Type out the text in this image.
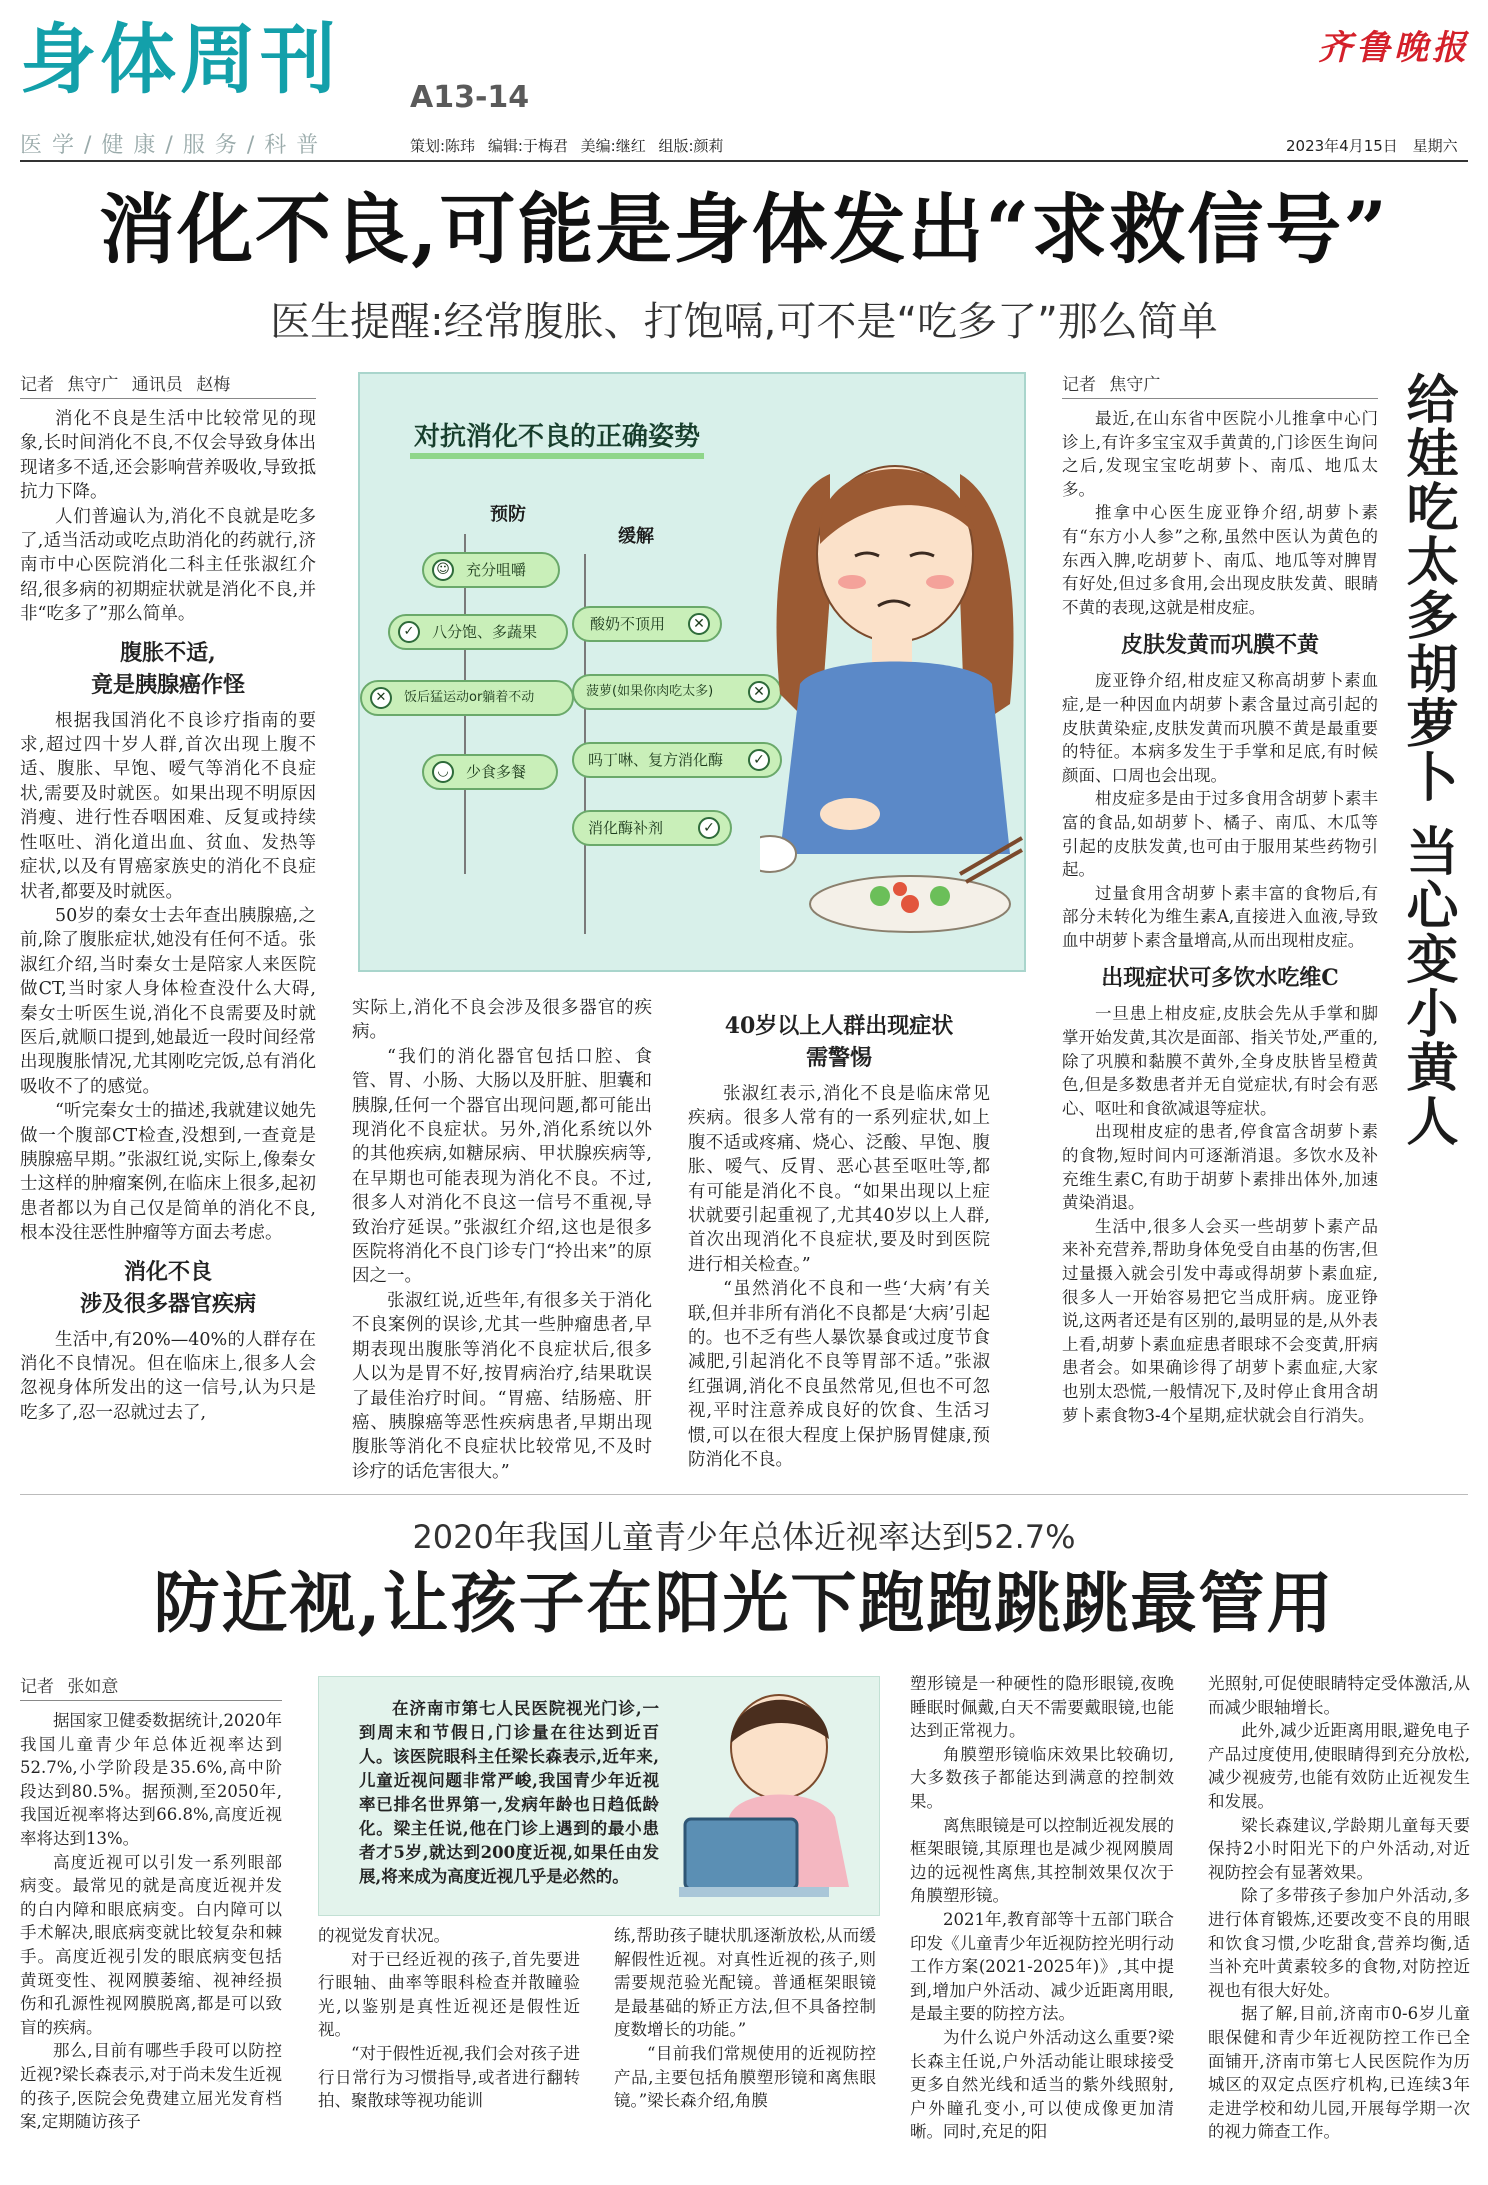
身体周刊 A13-14
齐鲁晚报
医学/健康/服务/科普	策划:陈玮 编辑:于梅君 美编:继红 组版:颜莉	2023年4月15日 星期六
消化不良,可能是身体发出“求救信号”
医生提醒:经常腹胀、打饱嗝,可不是“吃多了”那么简单
记者 焦守广 通讯员 赵梅

消化不良是生活中比较常见的现象,长时间消化不良,不仅会导致身体出现诸多不适,还会影响营养吸收,导致抵抗力下降。

人们普遍认为,消化不良就是吃多了,适当活动或吃点助消化的药就行,济南市中心医院消化二科主任张淑红介绍,很多病的初期症状就是消化不良,并非“吃多了”那么简单。

腹胀不适,
竟是胰腺癌作怪

根据我国消化不良诊疗指南的要求,超过四十岁人群,首次出现上腹不适、腹胀、早饱、嗳气等消化不良症状,需要及时就医。如果出现不明原因消瘦、进行性吞咽困难、反复或持续性呕吐、消化道出血、贫血、发热等症状,以及有胃癌家族史的消化不良症状者,都要及时就医。

50岁的秦女士去年查出胰腺癌,之前,除了腹胀症状,她没有任何不适。张淑红介绍,当时秦女士是陪家人来医院做CT,当时家人身体检查没什么大碍,秦女士听医生说,消化不良需要及时就医后,就顺口提到,她最近一段时间经常出现腹胀情况,尤其刚吃完饭,总有消化吸收不了的感觉。

“听完秦女士的描述,我就建议她先做一个腹部CT检查,没想到,一查竟是胰腺癌早期。”张淑红说,实际上,像秦女士这样的肿瘤案例,在临床上很多,起初患者都以为自己仅是简单的消化不良,根本没往恶性肿瘤等方面去考虑。

消化不良
涉及很多器官疾病

生活中,有20%—40%的人群存在消化不良情况。但在临床上,很多人会忽视身体所发出的这一信号,认为只是吃多了,忍一忍就过去了,

对抗消化不良的正确姿势
预防
缓解
☺ 充分咀嚼
✓	八分饱、多蔬果
✕	饭后猛运动or躺着不动
◡	少食多餐
酸奶不顶用	✕
菠萝(如果你肉吃太多)	✕
吗丁啉、复方消化酶	✓
消化酶补剂	✓

实际上,消化不良会涉及很多器官的疾病。

“我们的消化器官包括口腔、食管、胃、小肠、大肠以及肝脏、胆囊和胰腺,任何一个器官出现问题,都可能出现消化不良症状。另外,消化系统以外的其他疾病,如糖尿病、甲状腺疾病等,在早期也可能表现为消化不良。不过,很多人对消化不良这一信号不重视,导致治疗延误。”张淑红介绍,这也是很多医院将消化不良门诊专门“拎出来”的原因之一。

张淑红说,近些年,有很多关于消化不良案例的误诊,尤其一些肿瘤患者,早期表现出腹胀等消化不良症状后,很多人以为是胃不好,按胃病治疗,结果耽误了最佳治疗时间。“胃癌、结肠癌、肝癌、胰腺癌等恶性疾病患者,早期出现腹胀等消化不良症状比较常见,不及时诊疗的话危害很大。”

40岁以上人群出现症状
需警惕

张淑红表示,消化不良是临床常见疾病。很多人常有的一系列症状,如上腹不适或疼痛、烧心、泛酸、早饱、腹胀、嗳气、反胃、恶心甚至呕吐等,都有可能是消化不良。“如果出现以上症状就要引起重视了,尤其40岁以上人群,首次出现消化不良症状,要及时到医院进行相关检查。”

“虽然消化不良和一些‘大病’有关联,但并非所有消化不良都是‘大病’引起的。也不乏有些人暴饮暴食或过度节食减肥,引起消化不良等胃部不适。”张淑红强调,消化不良虽然常见,但也不可忽视,平时注意养成良好的饮食、生活习惯,可以在很大程度上保护肠胃健康,预防消化不良。

记者 焦守广

最近,在山东省中医院小儿推拿中心门诊上,有许多宝宝双手黄黄的,门诊医生询问之后,发现宝宝吃胡萝卜、南瓜、地瓜太多。

推拿中心医生庞亚铮介绍,胡萝卜素有“东方小人参”之称,虽然中医认为黄色的东西入脾,吃胡萝卜、南瓜、地瓜等对脾胃有好处,但过多食用,会出现皮肤发黄、眼睛不黄的表现,这就是柑皮症。

皮肤发黄而巩膜不黄

庞亚铮介绍,柑皮症又称高胡萝卜素血症,是一种因血内胡萝卜素含量过高引起的皮肤黄染症,皮肤发黄而巩膜不黄是最重要的特征。本病多发生于手掌和足底,有时候颜面、口周也会出现。

柑皮症多是由于过多食用含胡萝卜素丰富的食品,如胡萝卜、橘子、南瓜、木瓜等引起的皮肤发黄,也可由于服用某些药物引起。

过量食用含胡萝卜素丰富的食物后,有部分未转化为维生素A,直接进入血液,导致血中胡萝卜素含量增高,从而出现柑皮症。

出现症状可多饮水吃维C

一旦患上柑皮症,皮肤会先从手掌和脚掌开始发黄,其次是面部、指关节处,严重的,除了巩膜和黏膜不黄外,全身皮肤皆呈橙黄色,但是多数患者并无自觉症状,有时会有恶心、呕吐和食欲减退等症状。

出现柑皮症的患者,停食富含胡萝卜素的食物,短时间内可逐渐消退。多饮水及补充维生素C,有助于胡萝卜素排出体外,加速黄染消退。

生活中,很多人会买一些胡萝卜素产品来补充营养,帮助身体免受自由基的伤害,但过量摄入就会引发中毒或得胡萝卜素血症,很多人一开始容易把它当成肝病。庞亚铮说,这两者还是有区别的,最明显的是,从外表上看,胡萝卜素血症患者眼球不会变黄,肝病患者会。如果确诊得了胡萝卜素血症,大家也别太恐慌,一般情况下,及时停止食用含胡萝卜素食物3-4个星期,症状就会自行消失。

给娃吃太多胡萝卜 当心变小黄人
2020年我国儿童青少年总体近视率达到52.7%
防近视,让孩子在阳光下跑跑跳跳最管用
记者 张如意

据国家卫健委数据统计,2020年我国儿童青少年总体近视率达到52.7%,小学阶段是35.6%,高中阶段达到80.5%。据预测,至2050年,我国近视率将达到66.8%,高度近视率将达到13%。

高度近视可以引发一系列眼部病变。最常见的就是高度近视并发的白内障和眼底病变。白内障可以手术解决,眼底病变就比较复杂和棘手。高度近视引发的眼底病变包括黄斑变性、视网膜萎缩、视神经损伤和孔源性视网膜脱离,都是可以致盲的疾病。

那么,目前有哪些手段可以防控近视?梁长森表示,对于尚未发生近视的孩子,医院会免费建立屈光发育档案,定期随访孩子

在济南市第七人民医院视光门诊,一到周末和节假日,门诊量在往达到近百人。该医院眼科主任梁长森表示,近年来,儿童近视问题非常严峻,我国青少年近视率已排名世界第一,发病年龄也日趋低龄化。梁主任说,他在门诊上遇到的最小患者才5岁,就达到200度近视,如果任由发展,将来成为高度近视几乎是必然的。

的视觉发育状况。

对于已经近视的孩子,首先要进行眼轴、曲率等眼科检查并散瞳验光,以鉴别是真性近视还是假性近视。

“对于假性近视,我们会对孩子进行日常行为习惯指导,或者进行翻转拍、聚散球等视功能训

练,帮助孩子睫状肌逐渐放松,从而缓解假性近视。对真性近视的孩子,则需要规范验光配镜。普通框架眼镜是最基础的矫正方法,但不具备控制度数增长的功能。”

“目前我们常规使用的近视防控产品,主要包括角膜塑形镜和离焦眼镜。”梁长森介绍,角膜

塑形镜是一种硬性的隐形眼镜,夜晚睡眠时佩戴,白天不需要戴眼镜,也能达到正常视力。

角膜塑形镜临床效果比较确切,大多数孩子都能达到满意的控制效果。

离焦眼镜是可以控制近视发展的框架眼镜,其原理也是减少视网膜周边的远视性离焦,其控制效果仅次于角膜塑形镜。

2021年,教育部等十五部门联合印发《儿童青少年近视防控光明行动工作方案(2021-2025年)》,其中提到,增加户外活动、减少近距离用眼,是最主要的防控方法。

为什么说户外活动这么重要?梁长森主任说,户外活动能让眼球接受更多自然光线和适当的紫外线照射,户外瞳孔变小,可以使成像更加清晰。同时,充足的阳

光照射,可促使眼睛特定受体激活,从而减少眼轴增长。

此外,减少近距离用眼,避免电子产品过度使用,使眼睛得到充分放松,减少视疲劳,也能有效防止近视发生和发展。

梁长森建议,学龄期儿童每天要保持2小时阳光下的户外活动,对近视防控会有显著效果。

除了多带孩子参加户外活动,多进行体育锻炼,还要改变不良的用眼和饮食习惯,少吃甜食,营养均衡,适当补充叶黄素较多的食物,对防控近视也有很大好处。

据了解,目前,济南市0-6岁儿童眼保健和青少年近视防控工作已全面铺开,济南市第七人民医院作为历城区的双定点医疗机构,已连续3年走进学校和幼儿园,开展每学期一次的视力筛查工作。
